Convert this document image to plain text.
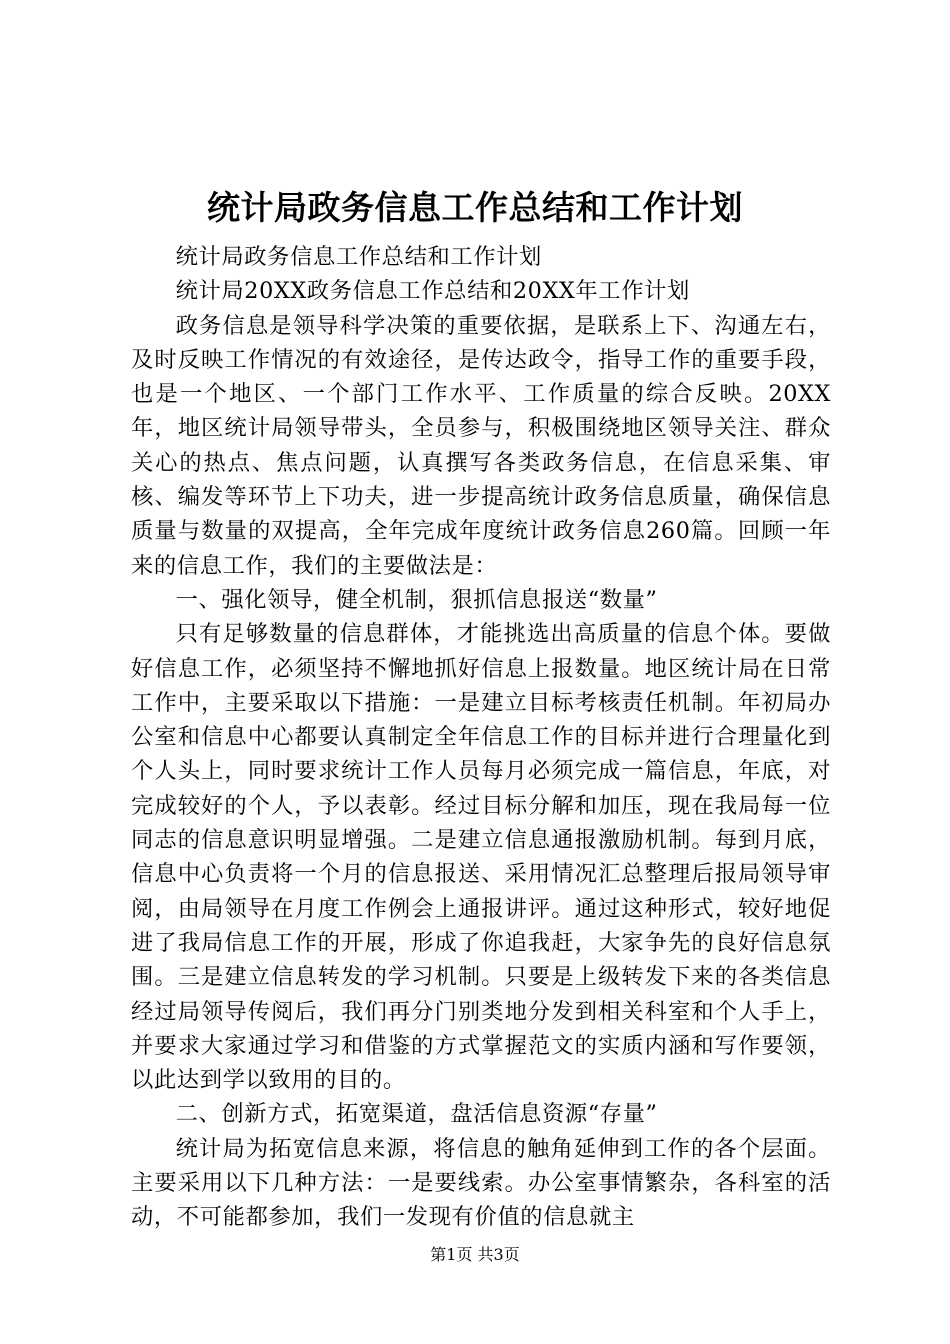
统计局政务信息工作总结和工作计划

统计局政务信息工作总结和工作计划

统计局20XX政务信息工作总结和20XX年工作计划

政务信息是领导科学决策的重要依据，是联系上下、沟通左右，及时反映工作情况的有效途径，是传达政令，指导工作的重要手段，也是一个地区、一个部门工作水平、工作质量的综合反映。20XX年，地区统计局领导带头，全员参与，积极围绕地区领导关注、群众关心的热点、焦点问题，认真撰写各类政务信息，在信息采集、审核、编发等环节上下功夫，进一步提高统计政务信息质量，确保信息质量与数量的双提高，全年完成年度统计政务信息260篇。回顾一年来的信息工作，我们的主要做法是：

一、强化领导，健全机制，狠抓信息报送“数量”

只有足够数量的信息群体，才能挑选出高质量的信息个体。要做好信息工作，必须坚持不懈地抓好信息上报数量。地区统计局在日常工作中，主要采取以下措施：一是建立目标考核责任机制。年初局办公室和信息中心都要认真制定全年信息工作的目标并进行合理量化到个人头上，同时要求统计工作人员每月必须完成一篇信息，年底，对完成较好的个人，予以表彰。经过目标分解和加压，现在我局每一位同志的信息意识明显增强。二是建立信息通报激励机制。每到月底，信息中心负责将一个月的信息报送、采用情况汇总整理后报局领导审阅，由局领导在月度工作例会上通报讲评。通过这种形式，较好地促进了我局信息工作的开展，形成了你追我赶，大家争先的良好信息氛围。三是建立信息转发的学习机制。只要是上级转发下来的各类信息经过局领导传阅后，我们再分门别类地分发到相关科室和个人手上，并要求大家通过学习和借鉴的方式掌握范文的实质内涵和写作要领，以此达到学以致用的目的。

二、创新方式，拓宽渠道，盘活信息资源“存量”

统计局为拓宽信息来源，将信息的触角延伸到工作的各个层面。主要采用以下几种方法：一是要线索。办公室事情繁杂，各科室的活动，不可能都参加，我们一发现有价值的信息就主

第1页 共3页
